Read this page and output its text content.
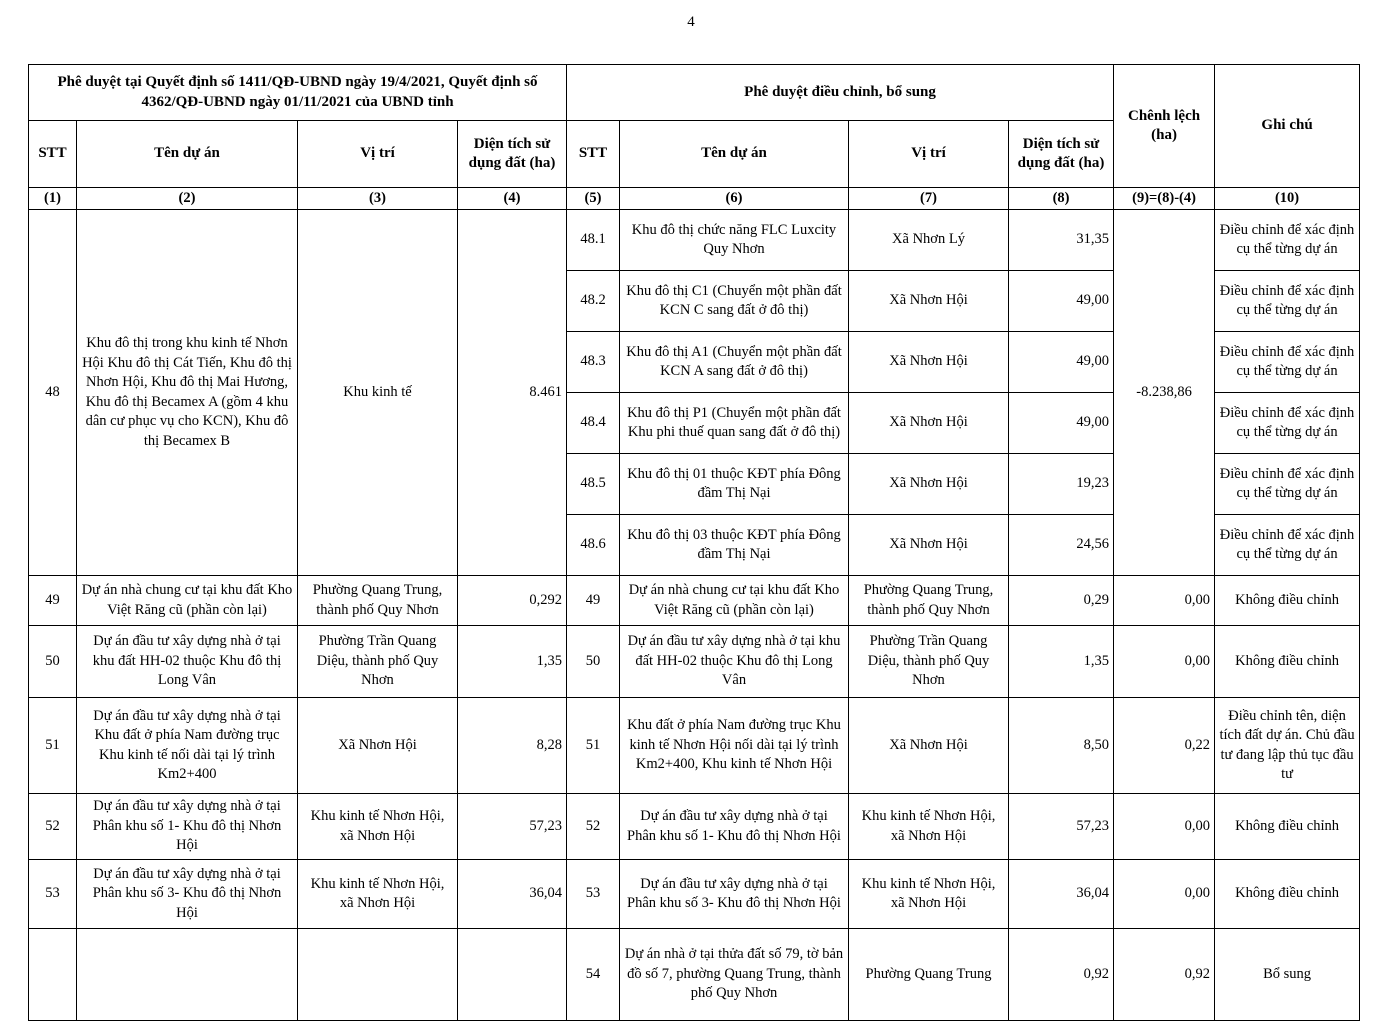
4
Phê duyệt tại Quyết định số 1411/QĐ-UBND ngày 19/4/2021, Quyết định số 4362/QĐ-UBND ngày 01/11/2021 của UBND tỉnh				Phê duyệt điều chỉnh, bổ sung				Chênh lệch (ha)	Ghi chú
STT	Tên dự án	Vị trí	Diện tích sử dụng đất (ha)	STT	Tên dự án	Vị trí	Diện tích sử dụng đất (ha)		
(1)	(2)	(3)	(4)	(5)	(6)	(7)	(8)	(9)=(8)-(4)	(10)
48	Khu đô thị trong khu kinh tế Nhơn Hội Khu đô thị Cát Tiến, Khu đô thị Nhơn Hội, Khu đô thị Mai Hương, Khu đô thị Becamex A (gồm 4 khu dân cư phục vụ cho KCN), Khu đô thị Becamex B	Khu kinh tế	8.461	48.1	Khu đô thị chức năng FLC Luxcity Quy Nhơn	Xã Nhơn Lý	31,35	-8.238,86	Điều chỉnh để xác định cụ thể từng dự án
				48.2	Khu đô thị C1 (Chuyển một phần đất KCN C sang đất ở đô thị)	Xã Nhơn Hội	49,00		Điều chỉnh để xác định cụ thể từng dự án
				48.3	Khu đô thị A1 (Chuyển một phần đất KCN A sang đất ở đô thị)	Xã Nhơn Hội	49,00		Điều chỉnh để xác định cụ thể từng dự án
				48.4	Khu đô thị P1 (Chuyển một phần đất Khu phi thuế quan sang đất ở đô thị)	Xã Nhơn Hội	49,00		Điều chỉnh để xác định cụ thể từng dự án
				48.5	Khu đô thị 01 thuộc KĐT phía Đông đầm Thị Nại	Xã Nhơn Hội	19,23		Điều chỉnh để xác định cụ thể từng dự án
				48.6	Khu đô thị 03 thuộc KĐT phía Đông đầm Thị Nại	Xã Nhơn Hội	24,56		Điều chỉnh để xác định cụ thể từng dự án
49	Dự án nhà chung cư tại khu đất Kho Việt Răng cũ (phần còn lại)	Phường Quang Trung, thành phố Quy Nhơn	0,292	49	Dự án nhà chung cư tại khu đất Kho Việt Răng cũ (phần còn lại)	Phường Quang Trung, thành phố Quy Nhơn	0,29	0,00	Không điều chỉnh
50	Dự án đầu tư xây dựng nhà ở tại khu đất HH-02 thuộc Khu đô thị Long Vân	Phường Trần Quang Diệu, thành phố Quy Nhơn	1,35	50	Dự án đầu tư xây dựng nhà ở tại khu đất HH-02 thuộc Khu đô thị Long Vân	Phường Trần Quang Diệu, thành phố Quy Nhơn	1,35	0,00	Không điều chỉnh
51	Dự án đầu tư xây dựng nhà ở tại Khu đất ở phía Nam đường trục Khu kinh tế nối dài tại lý trình Km2+400	Xã Nhơn Hội	8,28	51	Khu đất ở phía Nam đường trục Khu kinh tế Nhơn Hội nối dài tại lý trình Km2+400, Khu kinh tế Nhơn Hội	Xã Nhơn Hội	8,50	0,22	Điều chỉnh tên, diện tích đất dự án. Chủ đầu tư đang lập thủ tục đầu tư
52	Dự án đầu tư xây dựng nhà ở tại Phân khu số 1- Khu đô thị Nhơn Hội	Khu kinh tế Nhơn Hội, xã Nhơn Hội	57,23	52	Dự án đầu tư xây dựng nhà ở tại Phân khu số 1- Khu đô thị Nhơn Hội	Khu kinh tế Nhơn Hội, xã Nhơn Hội	57,23	0,00	Không điều chỉnh
53	Dự án đầu tư xây dựng nhà ở tại Phân khu số 3- Khu đô thị Nhơn Hội	Khu kinh tế Nhơn Hội, xã Nhơn Hội	36,04	53	Dự án đầu tư xây dựng nhà ở tại Phân khu số 3- Khu đô thị Nhơn Hội	Khu kinh tế Nhơn Hội, xã Nhơn Hội	36,04	0,00	Không điều chỉnh
				54	Dự án nhà ở tại thửa đất số 79, tờ bản đồ số 7, phường Quang Trung, thành phố Quy Nhơn	Phường Quang Trung	0,92	0,92	Bổ sung
